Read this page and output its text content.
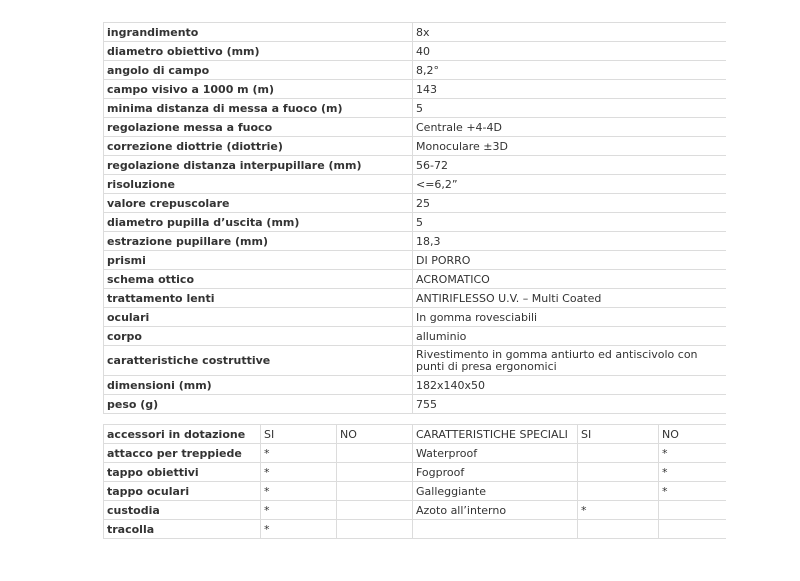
ingrandimento	8x
diametro obiettivo (mm)	40
angolo di campo	8,2°
campo visivo a 1000 m (m)	143
minima distanza di messa a fuoco (m)	5
regolazione messa a fuoco	Centrale +4-4D
correzione diottrie (diottrie)	Monoculare ±3D
regolazione distanza interpupillare (mm)	56-72
risoluzione	<=6,2”
valore crepuscolare	25
diametro pupilla d’uscita (mm)	5
estrazione pupillare (mm)	18,3
prismi	DI PORRO
schema ottico	ACROMATICO
trattamento lenti	ANTIRIFLESSO U.V. – Multi Coated
oculari	In gomma rovesciabili
corpo	alluminio
caratteristiche costruttive	Rivestimento in gomma antiurto ed antiscivolo con punti di presa ergonomici
dimensioni (mm)	182x140x50
peso (g)	755
accessori in dotazione	SI	NO	CARATTERISTICHE SPECIALI	SI	NO
attacco per treppiede	*		Waterproof		*
tappo obiettivi	*		Fogproof		*
tappo oculari	*		Galleggiante		*
custodia	*		Azoto all’interno	*	
tracolla	*				
